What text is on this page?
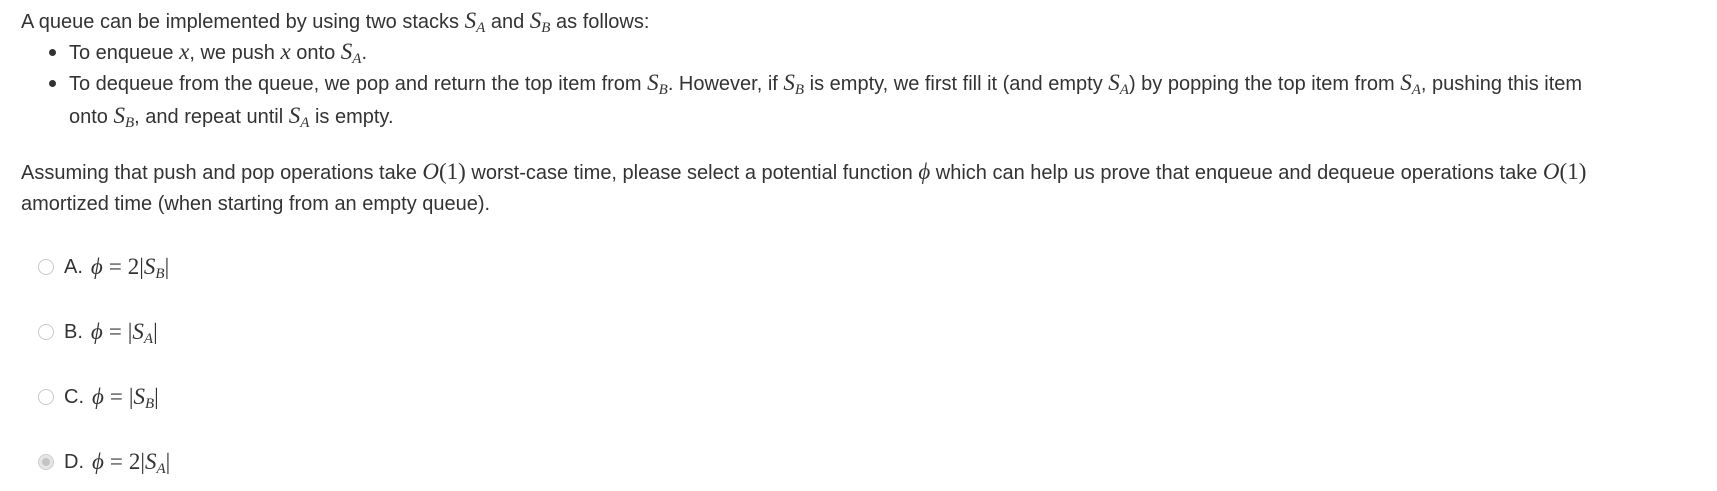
A queue can be implemented by using two stacks $S_A$ and $S_B$ as follows:
To enqueue x, we push x onto $S_A$.
To dequeue from the queue, we pop and return the top item from $S_B$. However, if $S_B$ is empty, we first fill it (and empty $S_A$) by popping the top item from $S_A$, pushing this item
onto $S_B$, and repeat until $S_A$ is empty.
Assuming that push and pop operations take O(1) worst-case time, please select a potential function ϕ which can help us prove that enqueue and dequeue operations take O(1)
amortized time (when starting from an empty queue).
A. ϕ = 2 | $S_B$ |
B. ϕ = | $S_A$ |
C. ϕ = | $S_B$ |
D. ϕ = 2 | $S_A$ |
